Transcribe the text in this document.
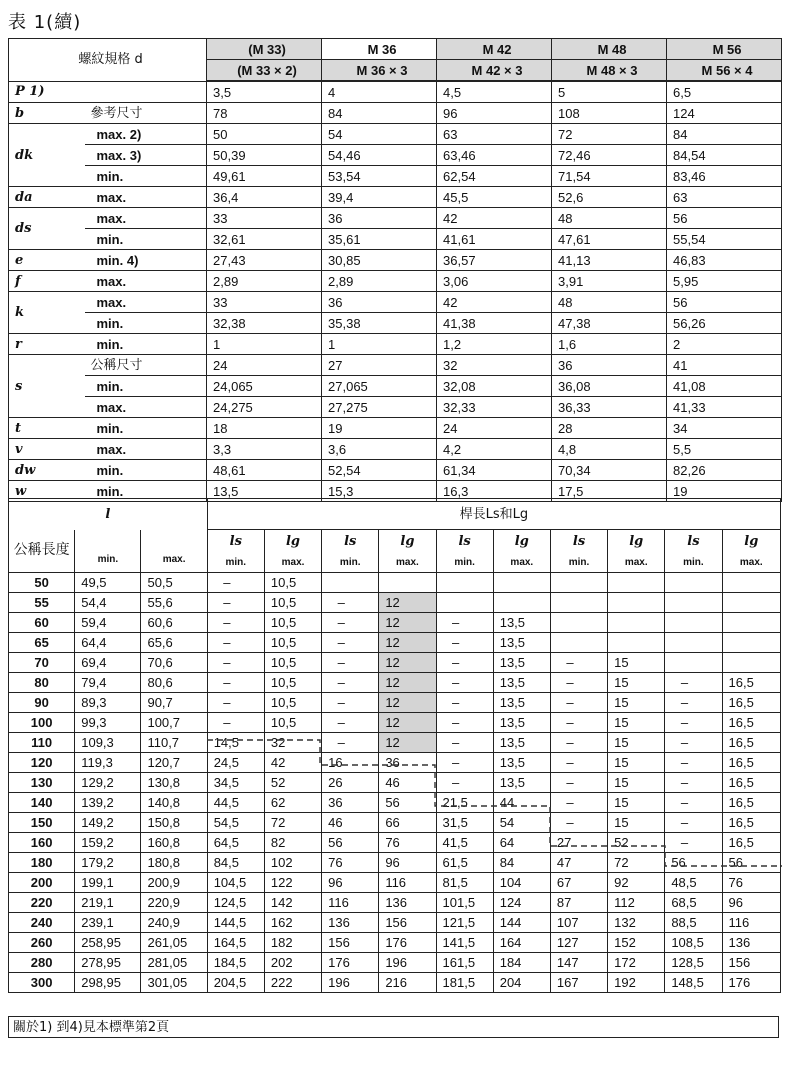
表 1(續)
螺紋規格 d		(M 33)	M 36	M 42	M 48	M 56
		(M 33 × 2)	M 36 × 3	M 42 × 3	M 48 × 3	M 56 × 4
P 1)		3,5	4	4,5	5	6,5
b	參考尺寸	78	84	96	108	124
dk	max. 2)	50	54	63	72	84
	max. 3)	50,39	54,46	63,46	72,46	84,54
	min.	49,61	53,54	62,54	71,54	83,46
da	max.	36,4	39,4	45,5	52,6	63
ds	max.	33	36	42	48	56
	min.	32,61	35,61	41,61	47,61	55,54
e	min. 4)	27,43	30,85	36,57	41,13	46,83
f	max.	2,89	2,89	3,06	3,91	5,95
k	max.	33	36	42	48	56
	min.	32,38	35,38	41,38	47,38	56,26
r	min.	1	1	1,2	1,6	2
s	公稱尺寸	24	27	32	36	41
	min.	24,065	27,065	32,08	36,08	41,08
	max.	24,275	27,275	32,33	36,33	41,33
t	min.	18	19	24	28	34
v	max.	3,3	3,6	4,2	4,8	5,5
dw	min.	48,61	52,54	61,34	70,34	82,26
w	min.	13,5	15,3	16,3	17,5	19
l			桿長Ls和Lg									
公稱長度	min.	max.	ls	lg	ls	lg	ls	lg	ls	lg	ls	lg
			min.	max.	min.	max.	min.	max.	min.	max.	min.	max.
50	49,5	50,5	–	10,5								
55	54,4	55,6	–	10,5	–	12						
60	59,4	60,6	–	10,5	–	12	–	13,5				
65	64,4	65,6	–	10,5	–	12	–	13,5				
70	69,4	70,6	–	10,5	–	12	–	13,5	–	15		
80	79,4	80,6	–	10,5	–	12	–	13,5	–	15	–	16,5
90	89,3	90,7	–	10,5	–	12	–	13,5	–	15	–	16,5
100	99,3	100,7	–	10,5	–	12	–	13,5	–	15	–	16,5
110	109,3	110,7	14,5	32	–	12	–	13,5	–	15	–	16,5
120	119,3	120,7	24,5	42	16	36	–	13,5	–	15	–	16,5
130	129,2	130,8	34,5	52	26	46	–	13,5	–	15	–	16,5
140	139,2	140,8	44,5	62	36	56	21,5	44	–	15	–	16,5
150	149,2	150,8	54,5	72	46	66	31,5	54	–	15	–	16,5
160	159,2	160,8	64,5	82	56	76	41,5	64	27	52	–	16,5
180	179,2	180,8	84,5	102	76	96	61,5	84	47	72	56	56
200	199,1	200,9	104,5	122	96	116	81,5	104	67	92	48,5	76
220	219,1	220,9	124,5	142	116	136	101,5	124	87	112	68,5	96
240	239,1	240,9	144,5	162	136	156	121,5	144	107	132	88,5	116
260	258,95	261,05	164,5	182	156	176	141,5	164	127	152	108,5	136
280	278,95	281,05	184,5	202	176	196	161,5	184	147	172	128,5	156
300	298,95	301,05	204,5	222	196	216	181,5	204	167	192	148,5	176
關於1) 到4)見本標準第2頁
